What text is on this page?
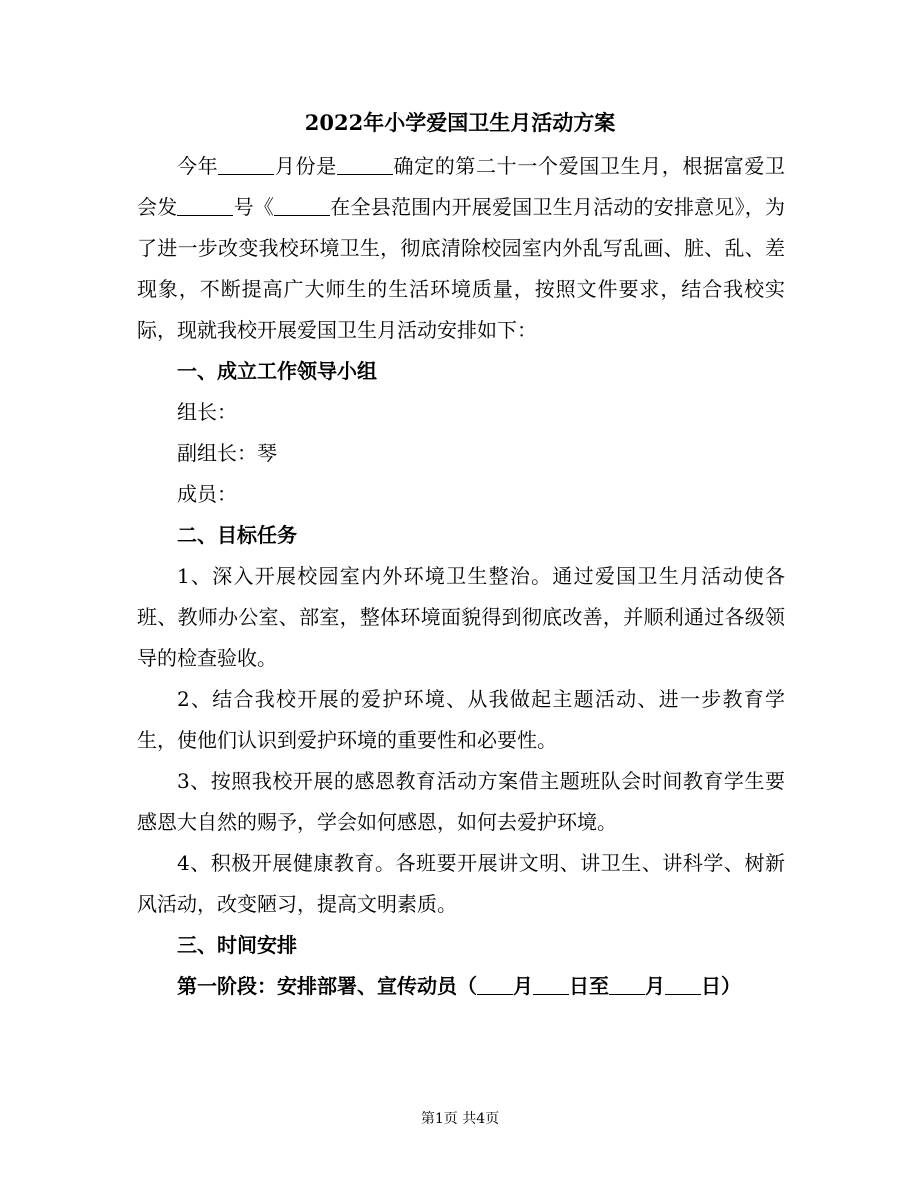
2022年小学爱国卫生月活动方案

今年	月份是	确定的第二十一个爱国卫生月，根据富爱卫会发	号《	在全县范围内开展爱国卫生月活动的安排意见》，为了进一步改变我校环境卫生，彻底清除校园室内外乱写乱画、脏、乱、差现象，不断提高广大师生的生活环境质量，按照文件要求，结合我校实际，现就我校开展爱国卫生月活动安排如下：

一、成立工作领导小组

组长：

副组长：琴

成员：

二、目标任务

1、深入开展校园室内外环境卫生整治。通过爱国卫生月活动使各班、教师办公室、部室，整体环境面貌得到彻底改善，并顺利通过各级领导的检查验收。

2、结合我校开展的爱护环境、从我做起主题活动、进一步教育学生，使他们认识到爱护环境的重要性和必要性。

3、按照我校开展的感恩教育活动方案借主题班队会时间教育学生要感恩大自然的赐予，学会如何感恩，如何去爱护环境。

4、积极开展健康教育。各班要开展讲文明、讲卫生、讲科学、树新风活动，改变陋习，提高文明素质。

三、时间安排

第一阶段：安排部署、宣传动员（ 月 日至 月 日）

第1页 共4页
